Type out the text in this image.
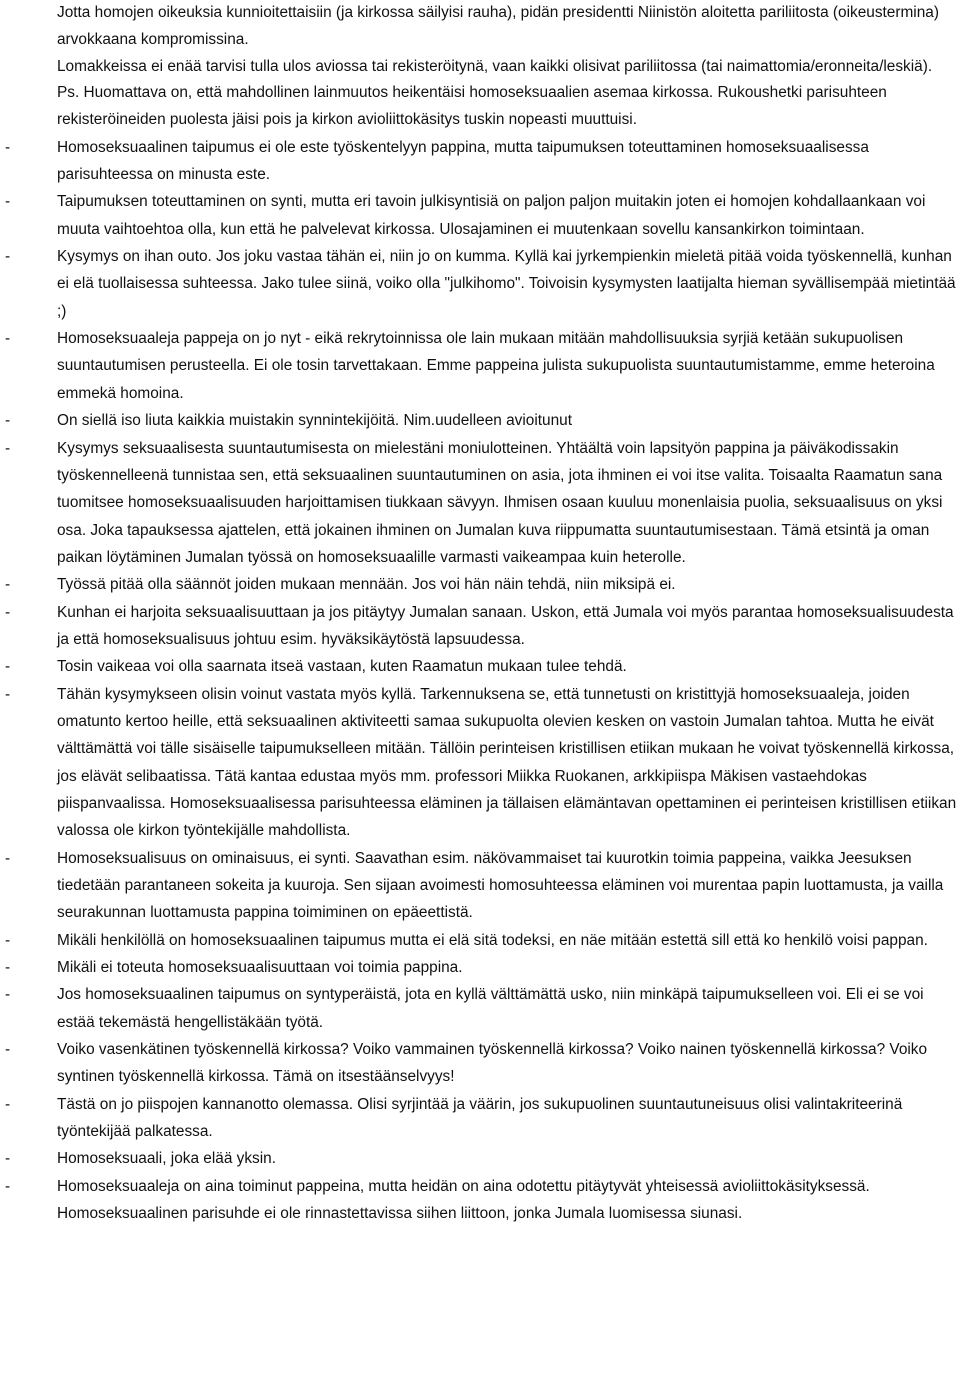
Jotta homojen oikeuksia kunnioitettaisiin (ja kirkossa säilyisi rauha), pidän presidentti Niinistön aloitetta pariliitosta (oikeustermina) arvokkaana kompromissina.
Lomakkeissa ei enää tarvisi tulla ulos aviossa tai rekisteröitynä, vaan kaikki olisivat pariliitossa (tai naimattomia/eronneita/leskiä).
Ps. Huomattava on, että mahdollinen lainmuutos heikentäisi homoseksuaalien asemaa kirkossa. Rukoushetki parisuhteen rekisteröineiden puolesta jäisi pois ja kirkon avioliittokäsitys tuskin nopeasti muuttuisi.
-	Homoseksuaalinen taipumus ei ole este työskentelyyn pappina, mutta taipumuksen toteuttaminen homoseksuaalisessa parisuhteessa on minusta este.
-	Taipumuksen toteuttaminen on synti, mutta eri tavoin julkisyntisiä on paljon paljon muitakin joten ei homojen kohdallaankaan voi muuta vaihtoehtoa olla, kun että he palvelevat kirkossa. Ulosajaminen ei muutenkaan sovellu kansankirkon toimintaan.
-	Kysymys on ihan outo. Jos joku vastaa tähän ei, niin jo on kumma. Kyllä kai jyrkempienkin mieletä pitää voida työskennellä, kunhan ei elä tuollaisessa suhteessa. Jako tulee siinä, voiko olla "julkihomo". Toivoisin kysymysten laatijalta hieman syvällisempää mietintää ;)
-	Homoseksuaaleja pappeja on jo nyt - eikä rekrytoinnissa ole lain mukaan mitään mahdollisuuksia syrjiä ketään sukupuolisen suuntautumisen perusteella. Ei ole tosin tarvettakaan. Emme pappeina julista sukupuolista suuntautumistamme, emme heteroina emmekä homoina.
-	On siellä iso liuta kaikkia muistakin synnintekijöitä. Nim.uudelleen avioitunut
-	Kysymys seksuaalisesta suuntautumisesta on mielestäni moniulotteinen. Yhtäältä voin lapsityön pappina ja päiväkodissakin työskennelleenä tunnistaa sen, että seksuaalinen suuntautuminen on asia, jota ihminen ei voi itse valita. Toisaalta Raamatun sana tuomitsee homoseksuaalisuuden harjoittamisen tiukkaan sävyyn. Ihmisen osaan kuuluu monenlaisia puolia, seksuaalisuus on yksi osa. Joka tapauksessa ajattelen, että jokainen ihminen on Jumalan kuva riippumatta suuntautumisestaan. Tämä etsintä ja oman paikan löytäminen Jumalan työssä on homoseksuaalille varmasti vaikeampaa kuin heterolle.
-	Työssä pitää olla säännöt joiden mukaan mennään. Jos voi hän näin tehdä, niin miksipä ei.
-	Kunhan ei harjoita seksuaalisuuttaan ja jos pitäytyy Jumalan sanaan. Uskon, että Jumala voi myös parantaa homoseksualisuudesta ja että homoseksualisuus johtuu esim. hyväksikäytöstä lapsuudessa.
-	Tosin vaikeaa voi olla saarnata itseä vastaan, kuten Raamatun mukaan tulee tehdä.
-	Tähän kysymykseen olisin voinut vastata myös kyllä. Tarkennuksena se, että tunnetusti on kristittyjä homoseksuaaleja, joiden omatunto kertoo heille, että seksuaalinen aktiviteetti samaa sukupuolta olevien kesken on vastoin Jumalan tahtoa. Mutta he eivät välttämättä voi tälle sisäiselle taipumukselleen mitään. Tällöin perinteisen kristillisen etiikan mukaan he voivat työskennellä kirkossa, jos elävät selibaatissa. Tätä kantaa edustaa myös mm. professori Miikka Ruokanen, arkkipiispa Mäkisen vastaehdokas piispanvaalissa. Homoseksuaalisessa parisuhteessa eläminen ja tällaisen elämäntavan opettaminen ei perinteisen kristillisen etiikan valossa ole kirkon työntekijälle mahdollista.
-	Homoseksualisuus on ominaisuus, ei synti. Saavathan esim. näkövammaiset tai kuurotkin toimia pappeina, vaikka Jeesuksen tiedetään parantaneen sokeita ja kuuroja. Sen sijaan avoimesti homosuhteessa eläminen voi murentaa papin luottamusta, ja vailla seurakunnan luottamusta pappina toimiminen on epäeettistä.
-	Mikäli henkilöllä on homoseksuaalinen taipumus mutta ei elä sitä todeksi, en näe mitään estettä sill että ko henkilö voisi pappan.
-	Mikäli ei toteuta homoseksuaalisuuttaan voi toimia pappina.
-	Jos homoseksuaalinen taipumus on syntyperäistä, jota en kyllä välttämättä usko, niin minkäpä taipumukselleen voi. Eli ei se voi estää tekemästä hengellistäkään työtä.
-	Voiko vasenkätinen työskennellä kirkossa? Voiko vammainen työskennellä kirkossa? Voiko nainen työskennellä kirkossa? Voiko syntinen työskennellä kirkossa. Tämä on itsestäänselvyys!
-	Tästä on jo piispojen kannanotto olemassa. Olisi syrjintää ja väärin, jos sukupuolinen suuntautuneisuus olisi valintakriteerinä työntekijää palkatessa.
-	Homoseksuaali, joka elää yksin.
-	Homoseksuaaleja on aina toiminut pappeina, mutta heidän on aina odotettu pitäytyvät yhteisessä avioliittokäsityksessä. Homoseksuaalinen parisuhde ei ole rinnastettavissa siihen liittoon, jonka Jumala luomisessa siunasi.
